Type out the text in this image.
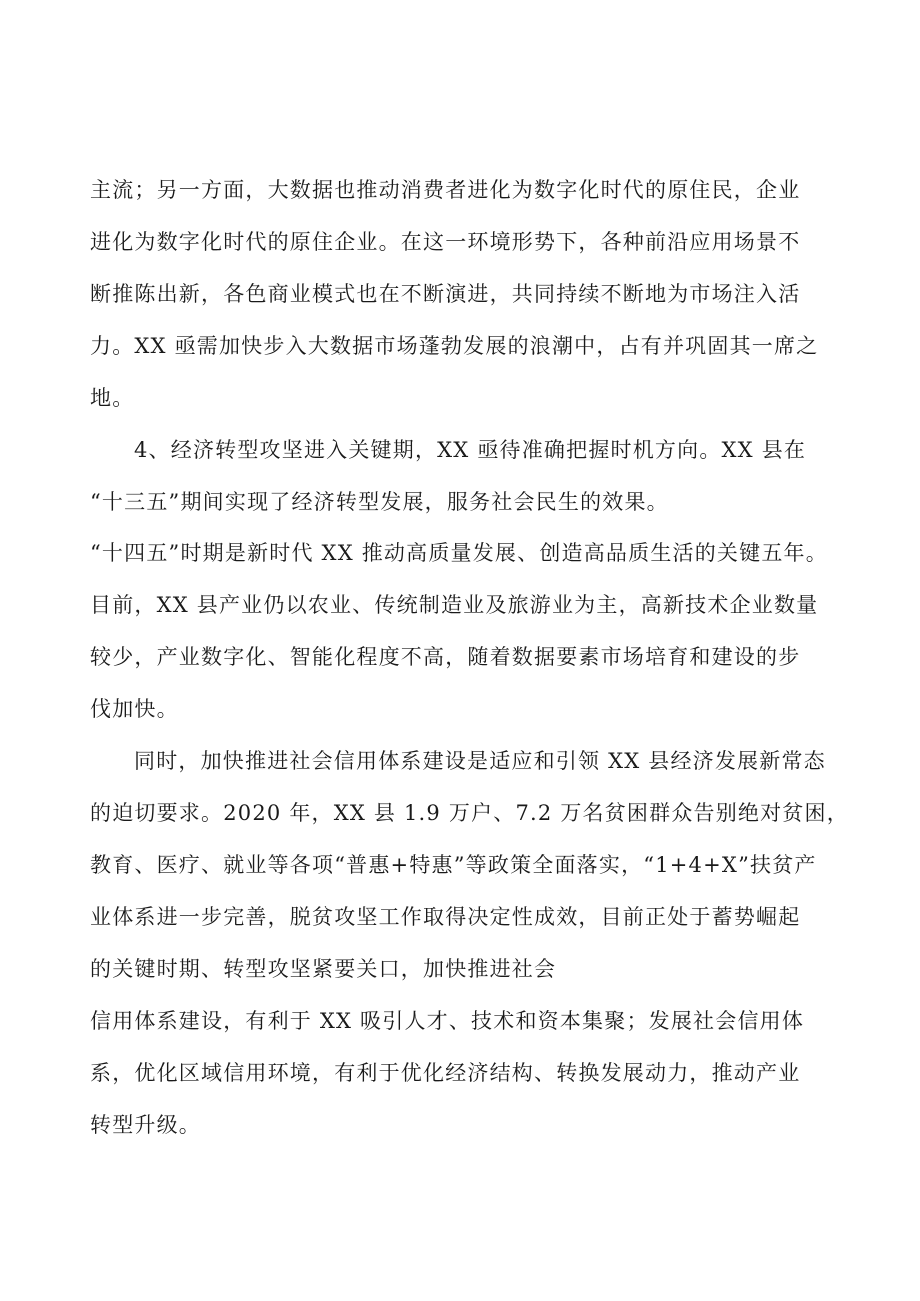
主流；另一方面，大数据也推动消费者进化为数字化时代的原住民，企业
进化为数字化时代的原住企业。在这一环境形势下，各种前沿应用场景不
断推陈出新，各色商业模式也在不断演进，共同持续不断地为市场注入活
力。XX 亟需加快步入大数据市场蓬勃发展的浪潮中，占有并巩固其一席之
地。
4、经济转型攻坚进入关键期，XX 亟待准确把握时机方向。XX 县在
“十三五”期间实现了经济转型发展，服务社会民生的效果。
“十四五”时期是新时代 XX 推动高质量发展、创造高品质生活的关键五年。
目前，XX 县产业仍以农业、传统制造业及旅游业为主，高新技术企业数量
较少，产业数字化、智能化程度不高，随着数据要素市场培育和建设的步
伐加快。
同时，加快推进社会信用体系建设是适应和引领 XX 县经济发展新常态
的迫切要求。2020 年，XX 县 1.9 万户、7.2 万名贫困群众告别绝对贫困，
教育、医疗、就业等各项“普惠+特惠”等政策全面落实，“1+4+X”扶贫产
业体系进一步完善，脱贫攻坚工作取得决定性成效，目前正处于蓄势崛起
的关键时期、转型攻坚紧要关口，加快推进社会
信用体系建设，有利于 XX 吸引人才、技术和资本集聚；发展社会信用体
系，优化区域信用环境，有利于优化经济结构、转换发展动力，推动产业
转型升级。
